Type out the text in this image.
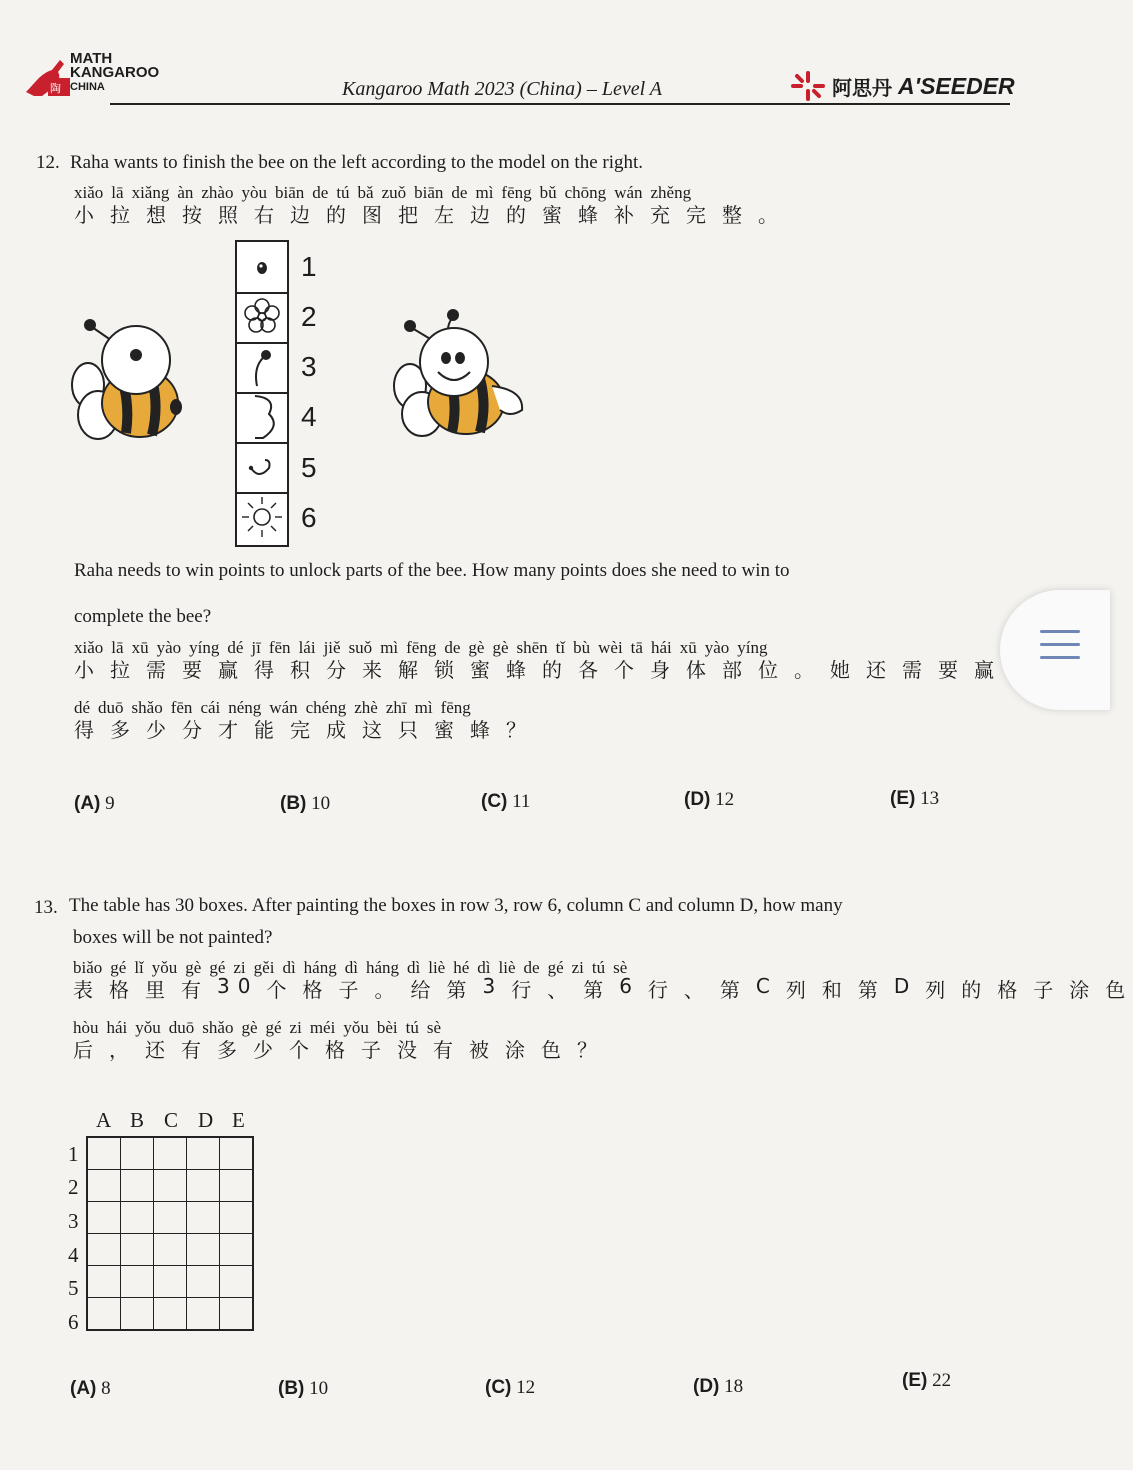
陶
MATH
KANGAROO
CHINA	Kangaroo Math 2023 (China) – Level A	阿思丹 A'SEEDER
12. Raha wants to finish the bee on the left according to the model on the right.
xiǎo lā xiǎng àn zhào yòu biān de tú bǎ zuǒ biān de mì fēng bǔ chōng wán zhěng
小 拉 想 按 照 右 边 的 图 把 左 边 的 蜜 蜂 补 充 完 整 。
1
2
3
4
5
6
Raha needs to win points to unlock parts of the bee. How many points does she need to win to
complete the bee?
xiǎo lā xū yào yíng dé jī fēn lái jiě suǒ mì fēng de gè gè shēn tǐ bù wèi tā hái xū yào yíng
小 拉 需 要 赢 得 积 分 来 解 锁 蜜 蜂 的 各 个 身 体 部 位 。 她 还 需 要 赢
dé duō shǎo fēn cái néng wán chéng zhè zhī mì fēng
得 多 少 分 才 能 完 成 这 只 蜜 蜂 ？
(A) 9	(B) 10	(C) 11	(D) 12	(E) 13
13. The table has 30 boxes. After painting the boxes in row 3, row 6, column C and column D, how many
boxes will be not painted?
biǎo gé lǐ yǒu gè gé zi gěi dì háng dì háng dì liè hé dì liè de gé zi tú sè
表 格 里 有 30 个 格 子 。 给 第 3 行 、 第 6 行 、 第 C 列 和 第 D 列 的 格 子 涂 色
hòu hái yǒu duō shǎo gè gé zi méi yǒu bèi tú sè
后 ， 还 有 多 少 个 格 子 没 有 被 涂 色 ？
A B C D E
1
2
3
4
5
6

(A) 8	(B) 10	(C) 12	(D) 18	(E) 22
